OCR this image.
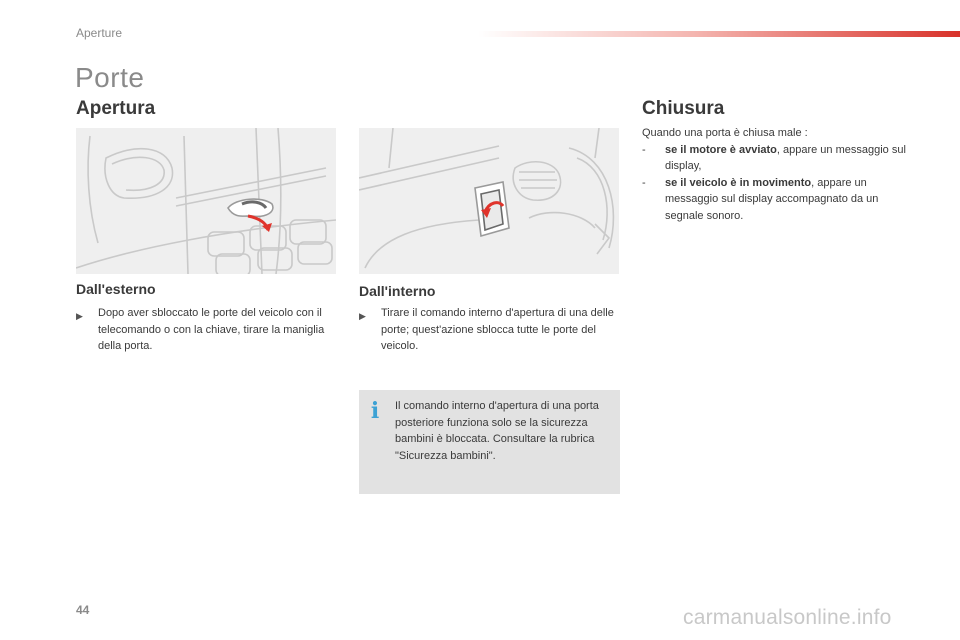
Aperture
Porte
Apertura	Chiusura
Dall'esterno	Dall'interno
▶ Dopo aver sbloccato le porte del veicolo con il telecomando o con la chiave, tirare la maniglia della porta.
▶ Tirare il comando interno d'apertura di una delle porte; quest'azione sblocca tutte le porte del veicolo.
Quando una porta è chiusa male :
- se il motore è avviato, appare un messaggio sul display,
- se il veicolo è in movimento, appare un messaggio sul display accompagnato da un segnale sonoro.
i	Il comando interno d'apertura di una porta posteriore funziona solo se la sicurezza bambini è bloccata. Consultare la rubrica "Sicurezza bambini".
44	carmanualsonline.info
